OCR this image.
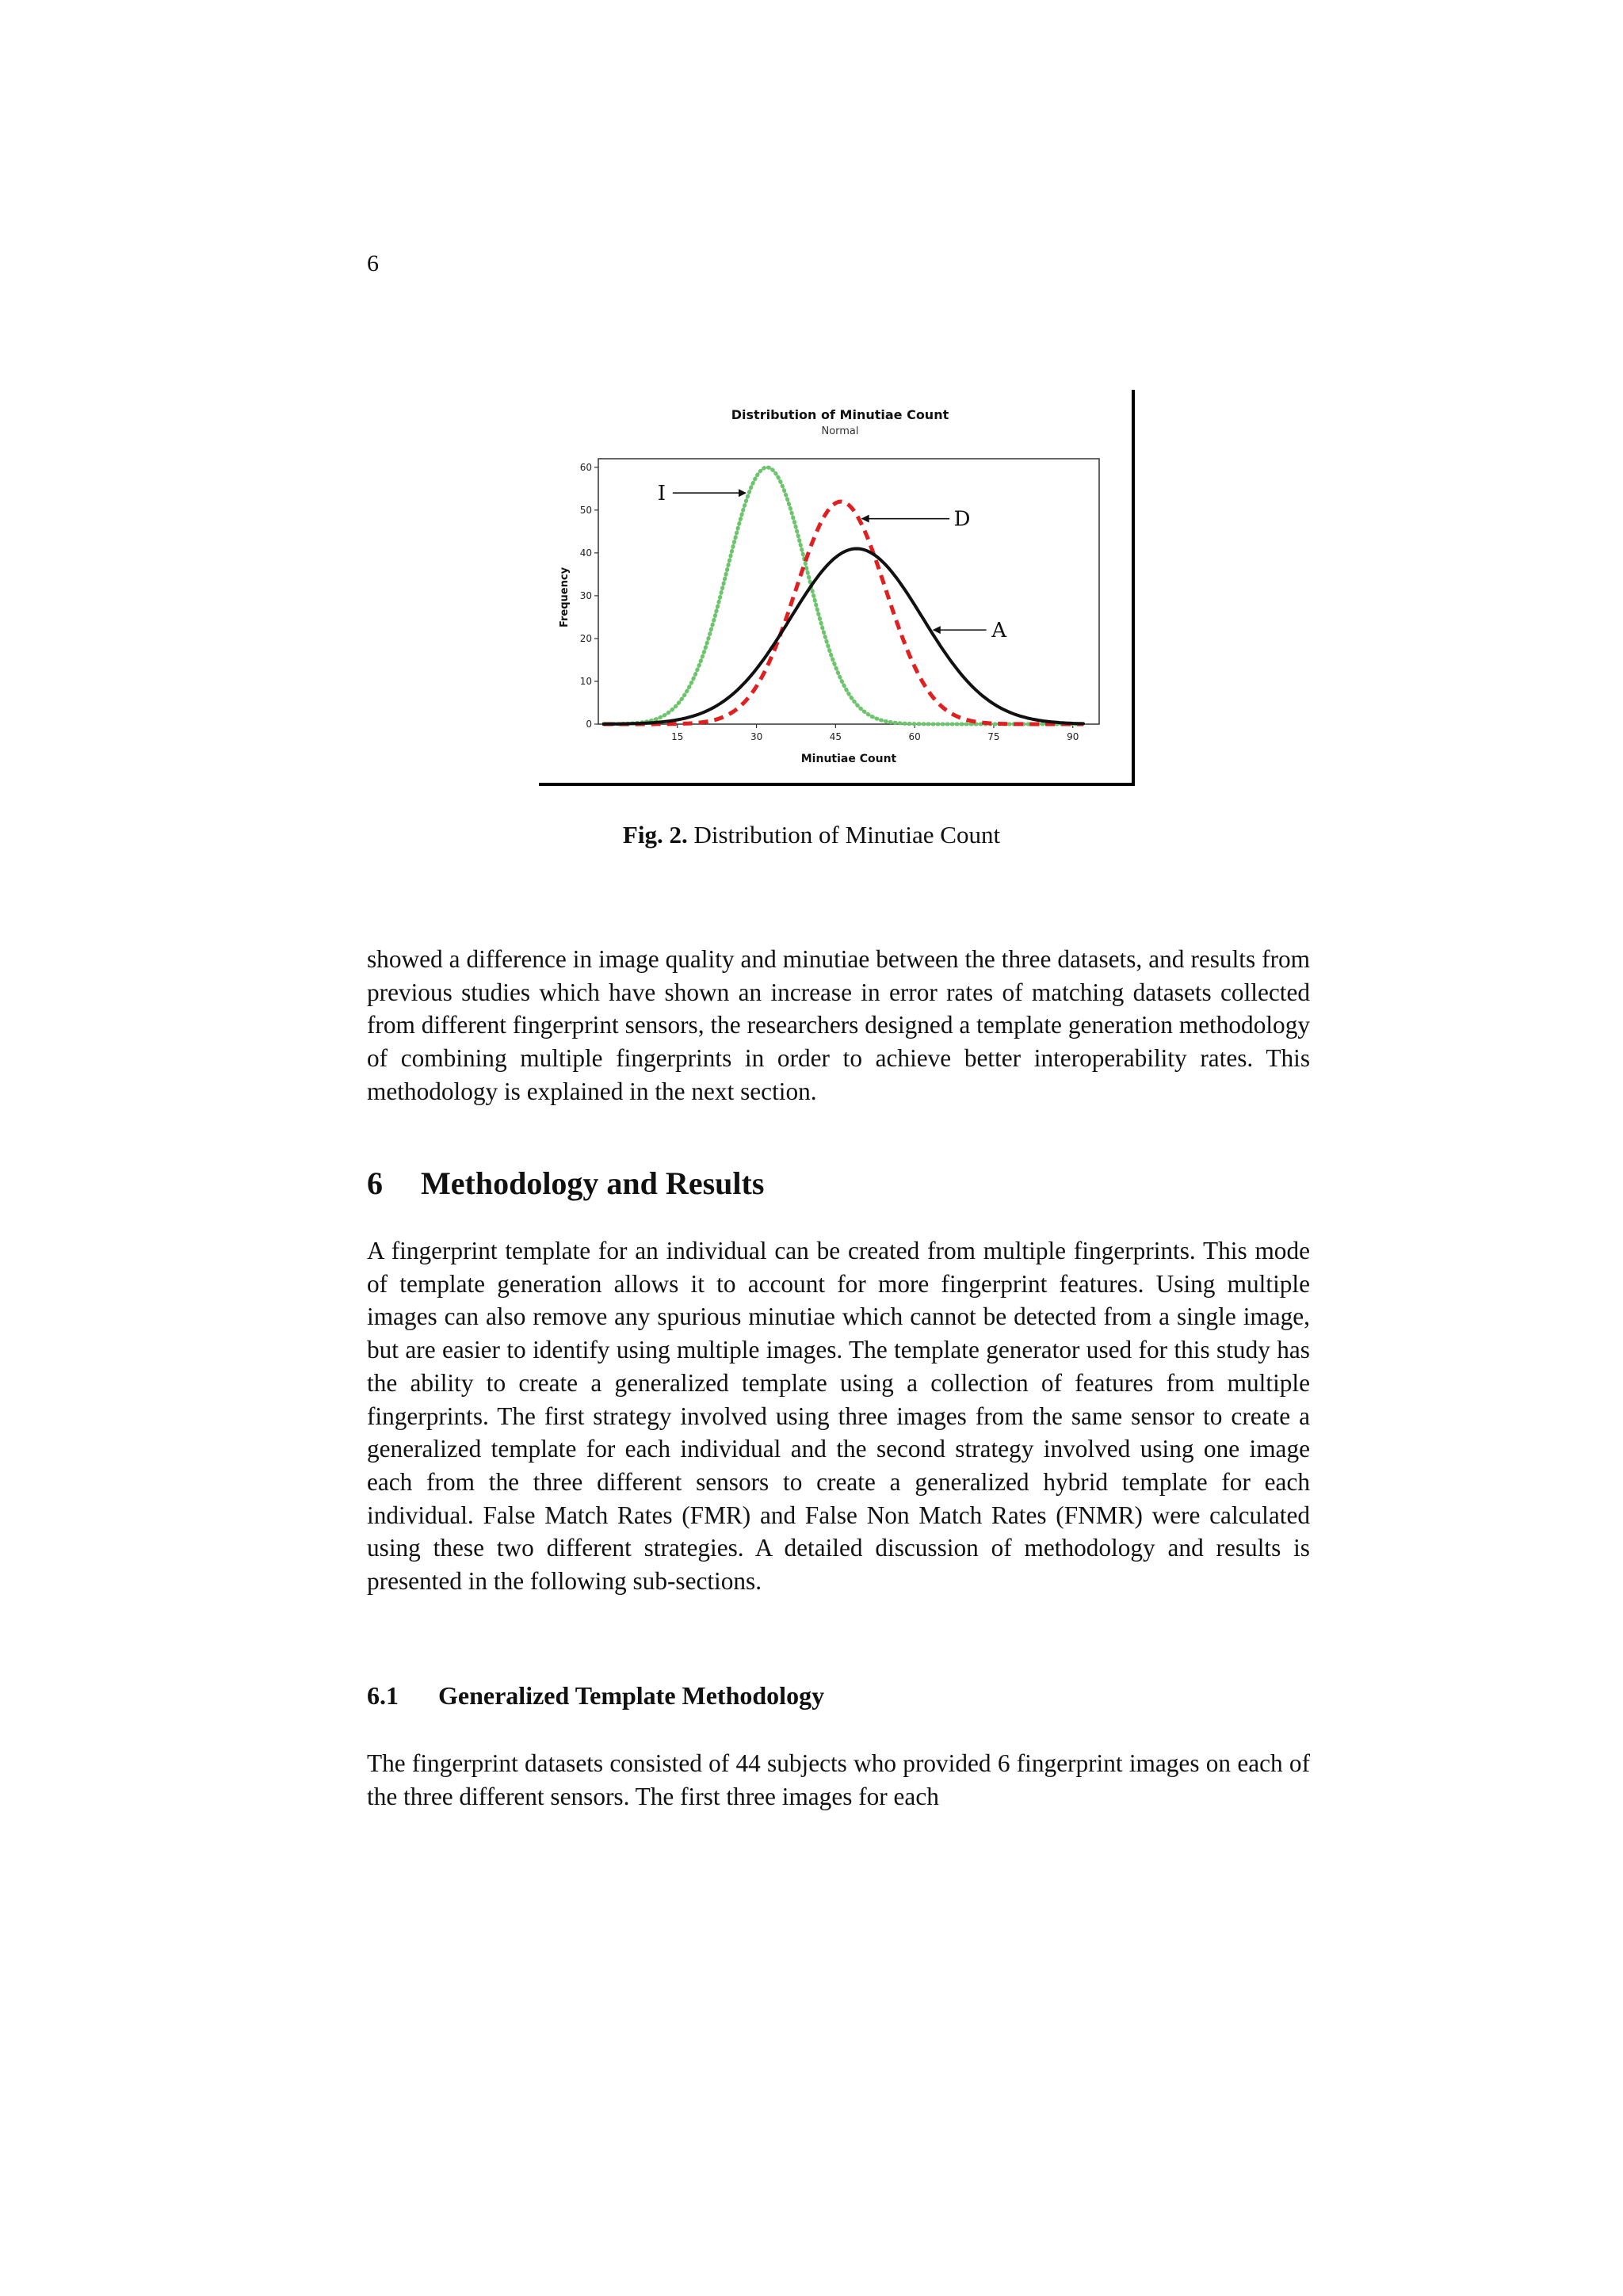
6
Distribution of Minutiae Count
Normal
15	30	45	60	75	90
0
10
20
30
40
50
60
I
D
A
Minutiae Count
Frequency
Fig. 2. Distribution of Minutiae Count

showed a difference in image quality and minutiae between the three datasets, and results from previous studies which have shown an increase in error rates of matching datasets collected from different fingerprint sensors, the researchers designed a template generation methodology of combining multiple fingerprints in order to achieve better interoperability rates. This methodology is explained in the next section.

6 Methodology and Results

A fingerprint template for an individual can be created from multiple fingerprints. This mode of template generation allows it to account for more fingerprint features. Using multiple images can also remove any spurious minutiae which cannot be detected from a single image, but are easier to identify using multiple images. The template generator used for this study has the ability to create a generalized template using a collection of features from multiple fingerprints. The first strategy involved using three images from the same sensor to create a generalized template for each individual and the second strategy involved using one image each from the three different sensors to create a generalized hybrid template for each individual. False Match Rates (FMR) and False Non Match Rates (FNMR) were calculated using these two different strategies. A detailed discussion of methodology and results is presented in the following sub-sections.

6.1 Generalized Template Methodology

The fingerprint datasets consisted of 44 subjects who provided 6 fingerprint images on each of the three different sensors. The first three images for each
